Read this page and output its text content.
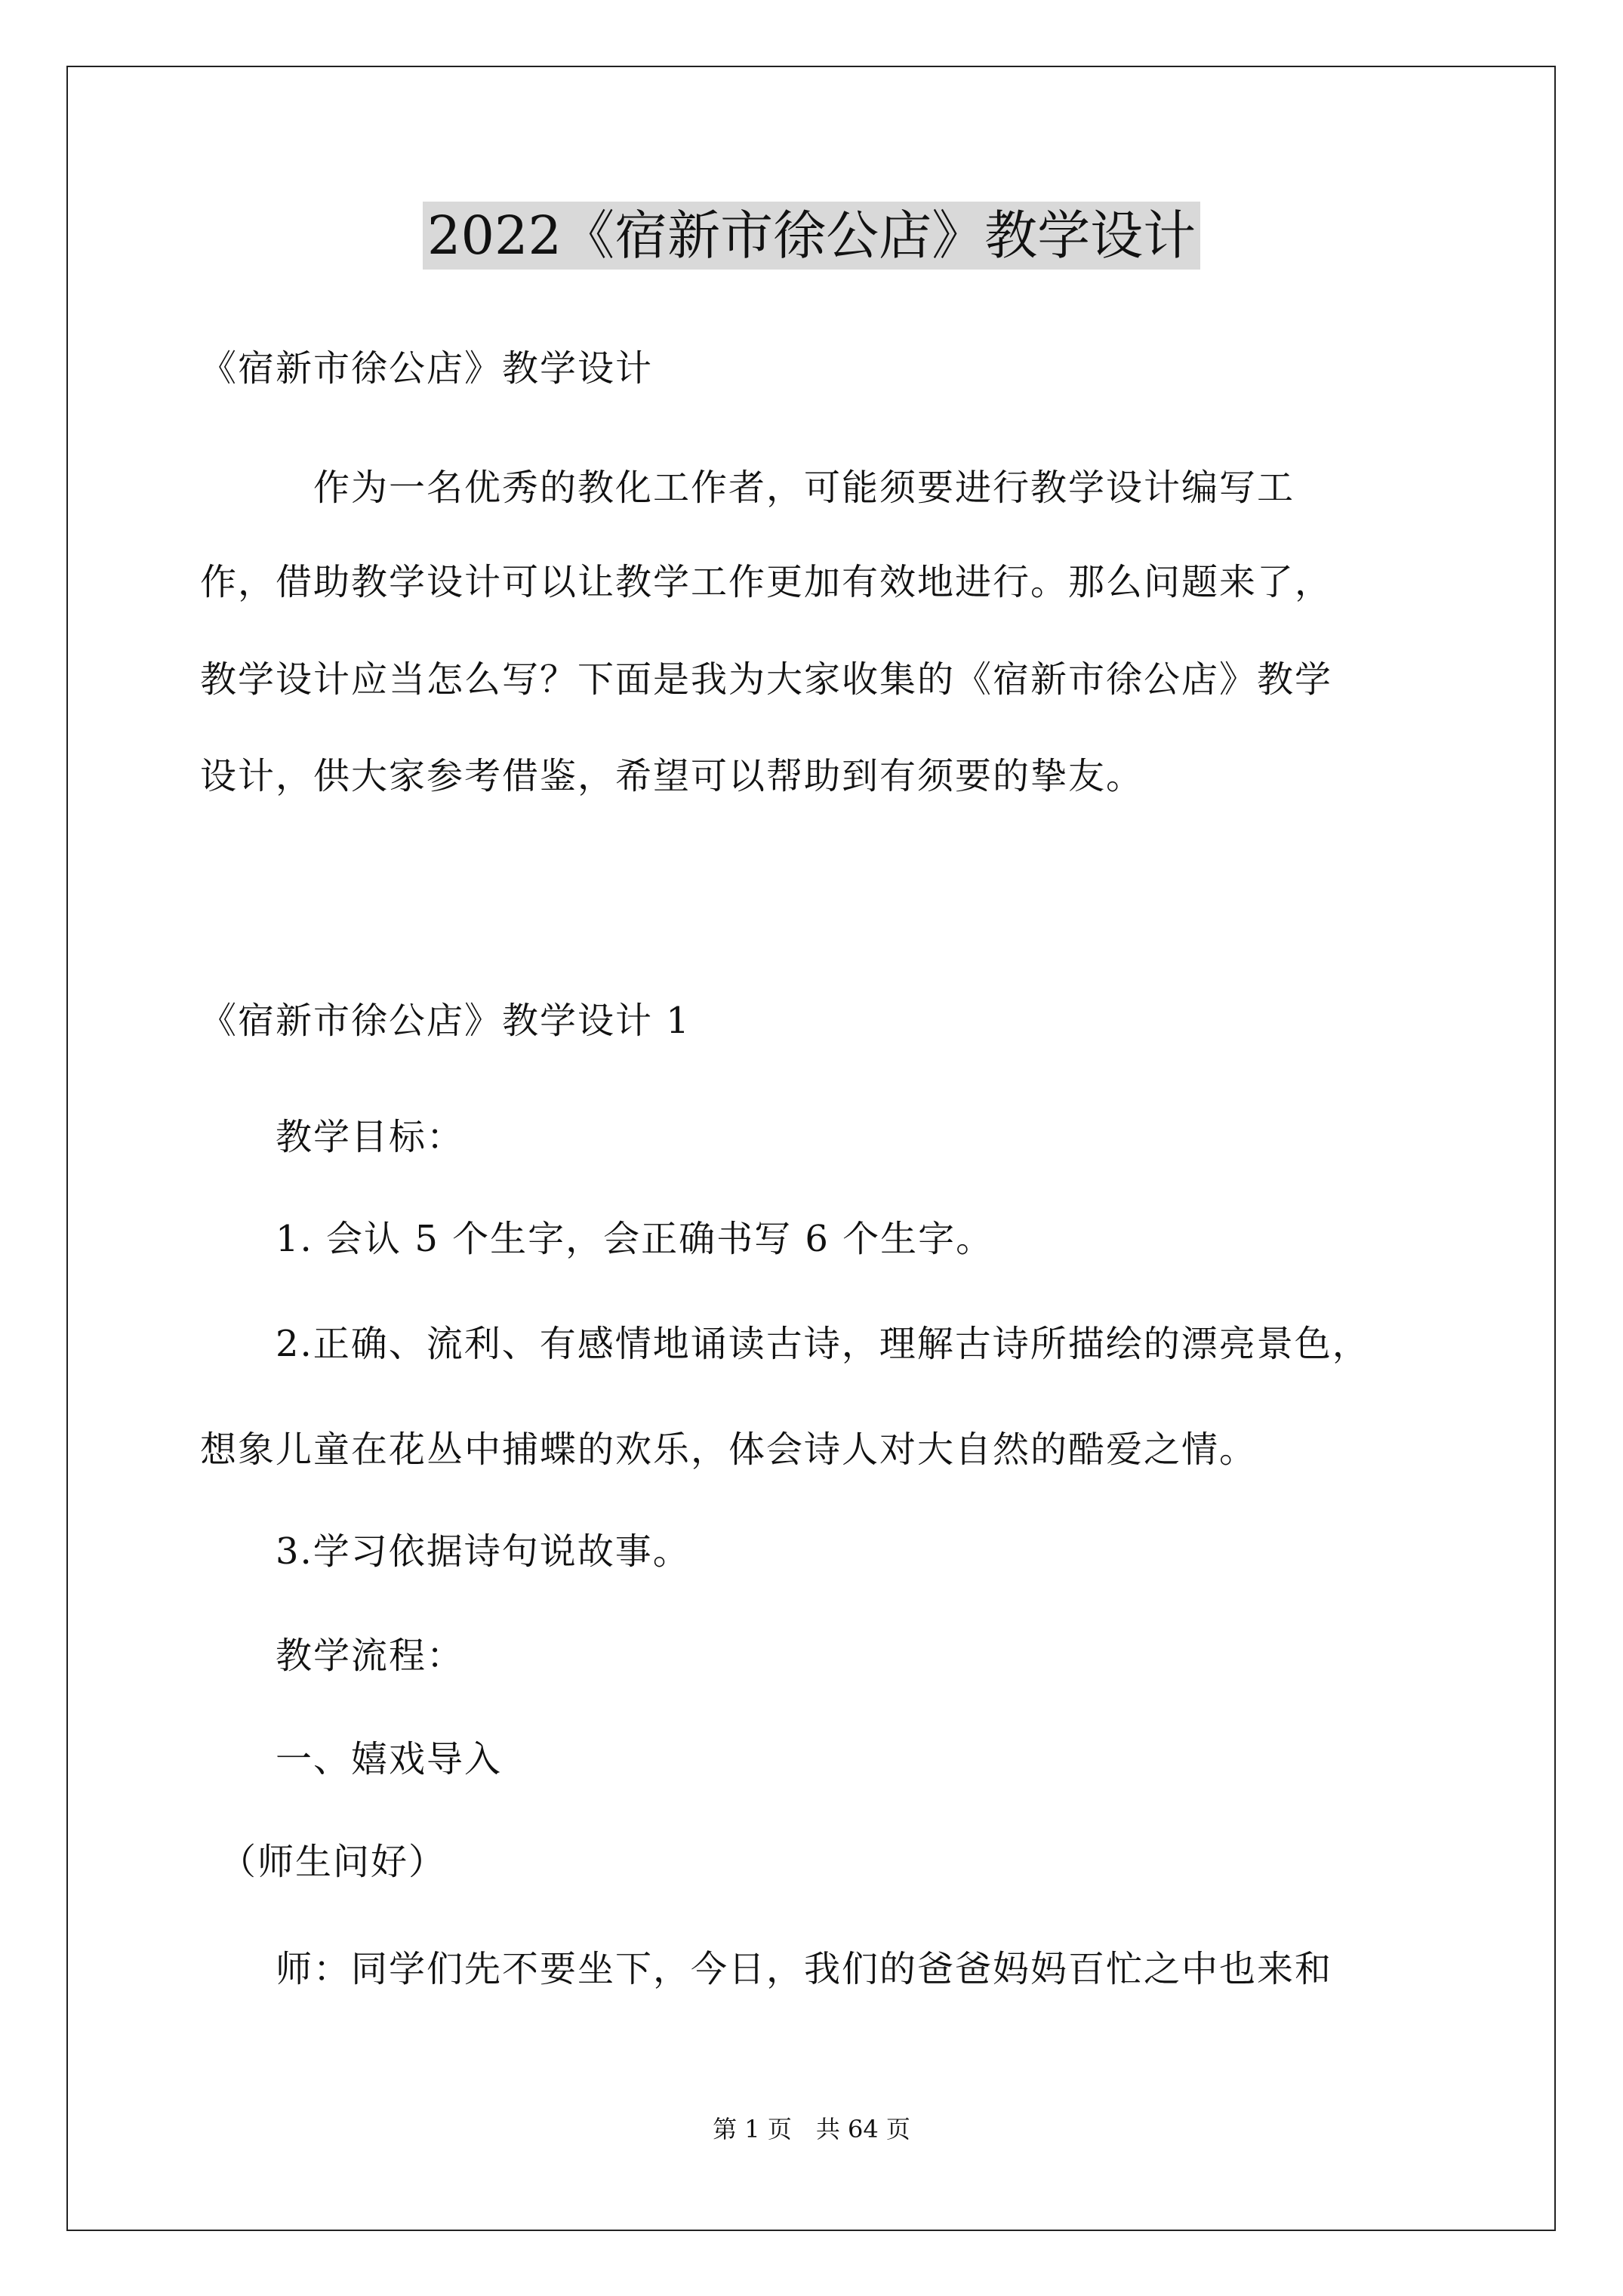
2022《宿新市徐公店》教学设计
《宿新市徐公店》教学设计
　　　作为一名优秀的教化工作者，可能须要进行教学设计编写工
作，借助教学设计可以让教学工作更加有效地进行。那么问题来了，
教学设计应当怎么写？下面是我为大家收集的《宿新市徐公店》教学
设计，供大家参考借鉴，希望可以帮助到有须要的挚友。
《宿新市徐公店》教学设计 1
　　教学目标：
　　1. 会认 5 个生字，会正确书写 6 个生字。
　　2.正确、流利、有感情地诵读古诗，理解古诗所描绘的漂亮景色，
想象儿童在花丛中捕蝶的欢乐，体会诗人对大自然的酷爱之情。
　　3.学习依据诗句说故事。
　　教学流程：
　　一、嬉戏导入
　（师生问好）
　　师：同学们先不要坐下，今日，我们的爸爸妈妈百忙之中也来和
第 1 页　共 64 页
